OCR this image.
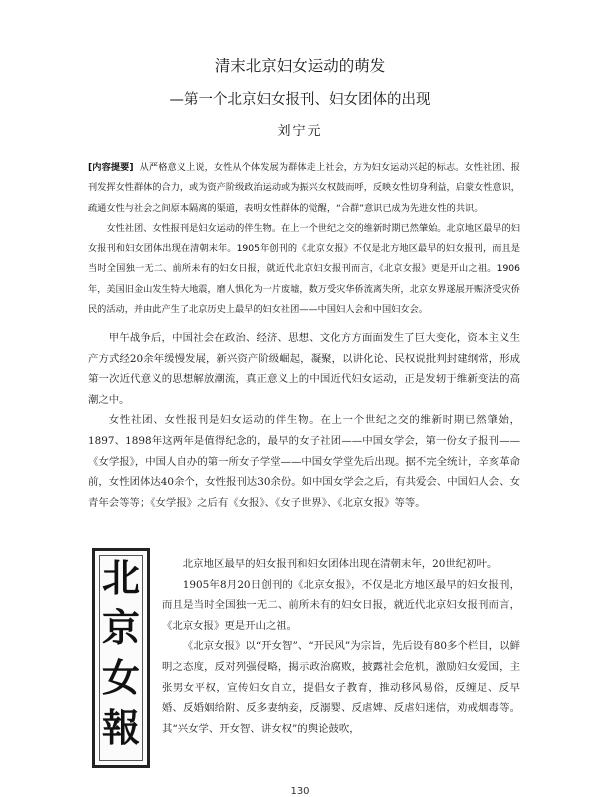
清末北京妇女运动的萌发
—第一个北京妇女报刊、妇女团体的出现
刘宁元

[内容提要] 从严格意义上说，女性从个体发展为群体走上社会，方为妇女运动兴起的标志。女性社团、报刊发挥女性群体的合力，或为资产阶级政治运动或为振兴女权鼓而呼，反映女性切身利益，启蒙女性意识，疏通女性与社会之间原本隔离的渠道，表明女性群体的觉醒，“合群”意识已成为先进女性的共识。

女性社团、女性报刊是妇女运动的伴生物。在上一个世纪之交的维新时期已然肇始。北京地区最早的妇女报刊和妇女团体出现在清朝末年。1905年创刊的《北京女报》不仅是北方地区最早的妇女报刊，而且是当时全国独一无二、前所未有的妇女日报，就近代北京妇女报刊而言，《北京女报》更是开山之祖。1906年，美国旧金山发生特大地震，磨人惧化为一片废墟，数万受灾华侨流离失所，北京女界遂展开赈济受灾侨民的活动，并由此产生了北京历史上最早的妇女社团——中国妇人会和中国妇女会。

甲午战争后，中国社会在政治、经济、思想、文化方方面面发生了巨大变化，资本主义生产方式经20余年缓慢发展，新兴资产阶级崛起，凝聚，以讲化论、民权说批判封建纲常，形成第一次近代意义的思想解放潮流，真正意义上的中国近代妇女运动，正是发轫于维新变法的高潮之中。

女性社团、女性报刊是妇女运动的伴生物。在上一个世纪之交的维新时期已然肇始，1897、1898年这两年是值得纪念的，最早的女子社团——中国女学会，第一份女子报刊——《女学报》，中国人自办的第一所女子学堂——中国女学堂先后出现。据不完全统计，辛亥革命前，女性团体达40余个，女性报刊达30余份。如中国女学会之后，有共爱会、中国妇人会、女青年会等等；《女学报》之后有《女报》、《女子世界》、《北京女报》等等。

北
京
女
報

北京地区最早的妇女报刊和妇女团体出现在清朝末年，20世纪初叶。

1905年8月20日创刊的《北京女报》，不仅是北方地区最早的妇女报刊，而且是当时全国独一无二、前所未有的妇女日报，就近代北京妇女报刊而言，《北京女报》更是开山之祖。

《北京女报》以“开女智”、“开民风”为宗旨，先后设有80多个栏目，以鲜明之态度，反对列强侵略，揭示政治腐败，披露社会危机，激励妇女爱国，主张男女平权，宣传妇女自立，提倡女子教育，推动移风易俗，反缠足、反早婚、反婚姻给附、反多妻纳妾，反溺婴、反虐婢、反虐妇迷信，劝戒烟毒等。其“兴女学、开女智、讲女权”的舆论鼓吹，

130
